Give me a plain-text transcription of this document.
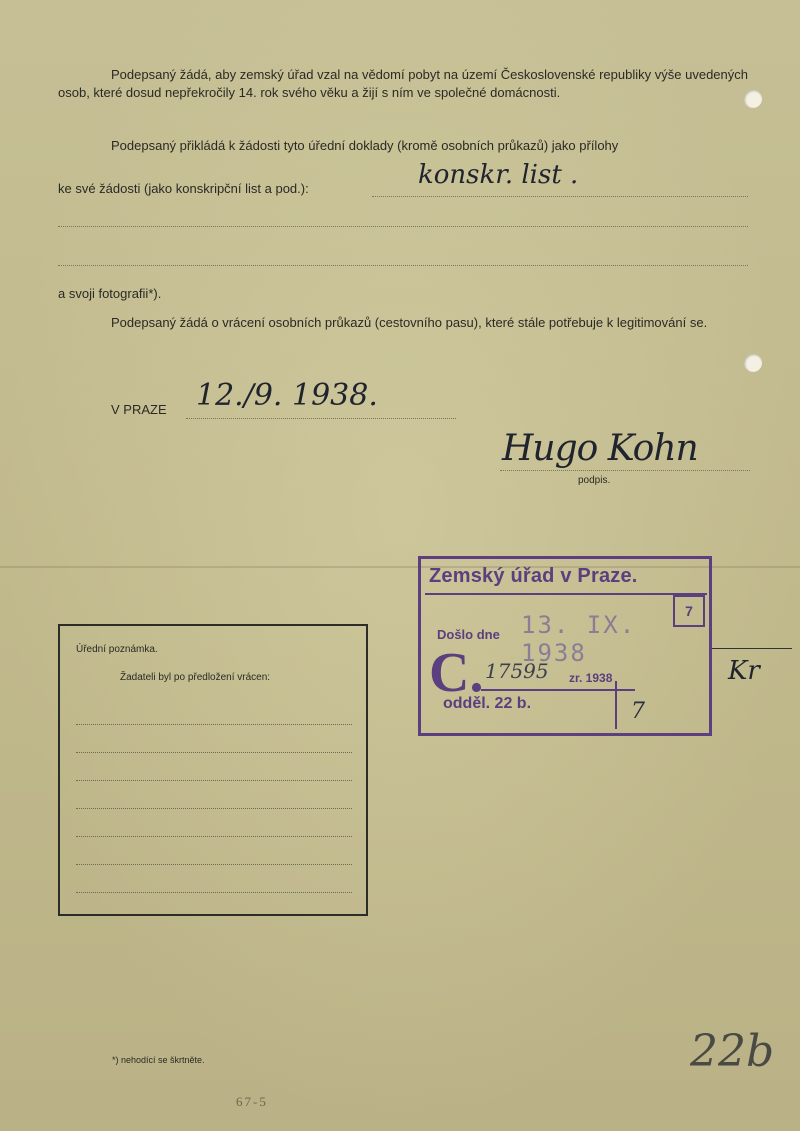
Podepsaný žádá, aby zemský úřad vzal na vědomí pobyt na území Československé republiky výše uvedených osob, které dosud nepřekročily 14. rok svého věku a žijí s ním ve společné domácnosti.

Podepsaný přikládá k žádosti tyto úřední doklady (kromě osobních průkazů) jako přílohy

ke své žádosti (jako konskripční list a pod.):	konskr. list .

a svoji fotografii*).

Podepsaný žádá o vrácení osobních průkazů (cestovního pasu), které stále potřebuje k legitimování se.

V PRAZE 12./9. 1938.
Hugo Kohn

podpis.

Úřední poznámka.
Žadateli byl po předložení vrácen:
Zemský úřad v Praze.
7
Došlo dne 13. IX. 1938
C. 17595 zr. 1938
odděl. 22 b.	7
Kr
*) nehodící se škrtněte.
67-5
22b
